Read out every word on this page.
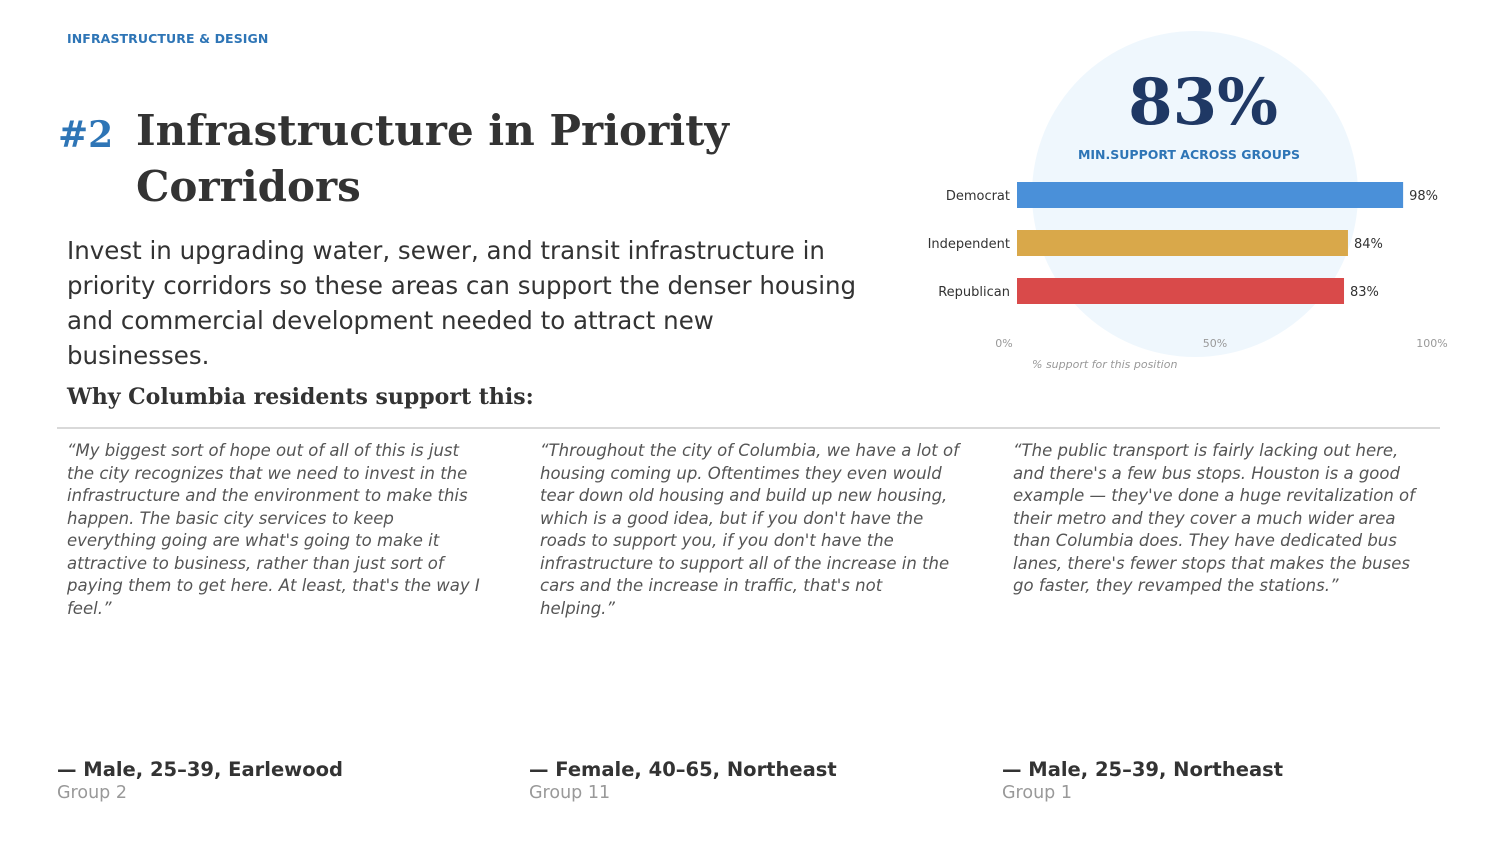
INFRASTRUCTURE & DESIGN
#2 Infrastructure in Priority Corridors

Invest in upgrading water, sewer, and transit infrastructure in priority corridors so these areas can support the denser housing and commercial development needed to attract new businesses.

83%
MIN.SUPPORT ACROSS GROUPS
Democrat	98%
Independent	84%
Republican	83%
0%	50%	100%
% support for this position
Why Columbia residents support this:

“My biggest sort of hope out of all of this is just the city recognizes that we need to invest in the infrastructure and the environment to make this happen. The basic city services to keep everything going are what's going to make it attractive to business, rather than just sort of paying them to get here. At least, that's the way I feel.”

“Throughout the city of Columbia, we have a lot of housing coming up. Oftentimes they even would tear down old housing and build up new housing, which is a good idea, but if you don't have the roads to support you, if you don't have the infrastructure to support all of the increase in the cars and the increase in traffic, that's not helping.”

“The public transport is fairly lacking out here, and there's a few bus stops. Houston is a good example — they've done a huge revitalization of their metro and they cover a much wider area than Columbia does. They have dedicated bus lanes, there's fewer stops that makes the buses go faster, they revamped the stations.”

— Male, 25–39, Earlewood
Group 2
— Female, 40–65, Northeast
Group 11
— Male, 25–39, Northeast
Group 1
